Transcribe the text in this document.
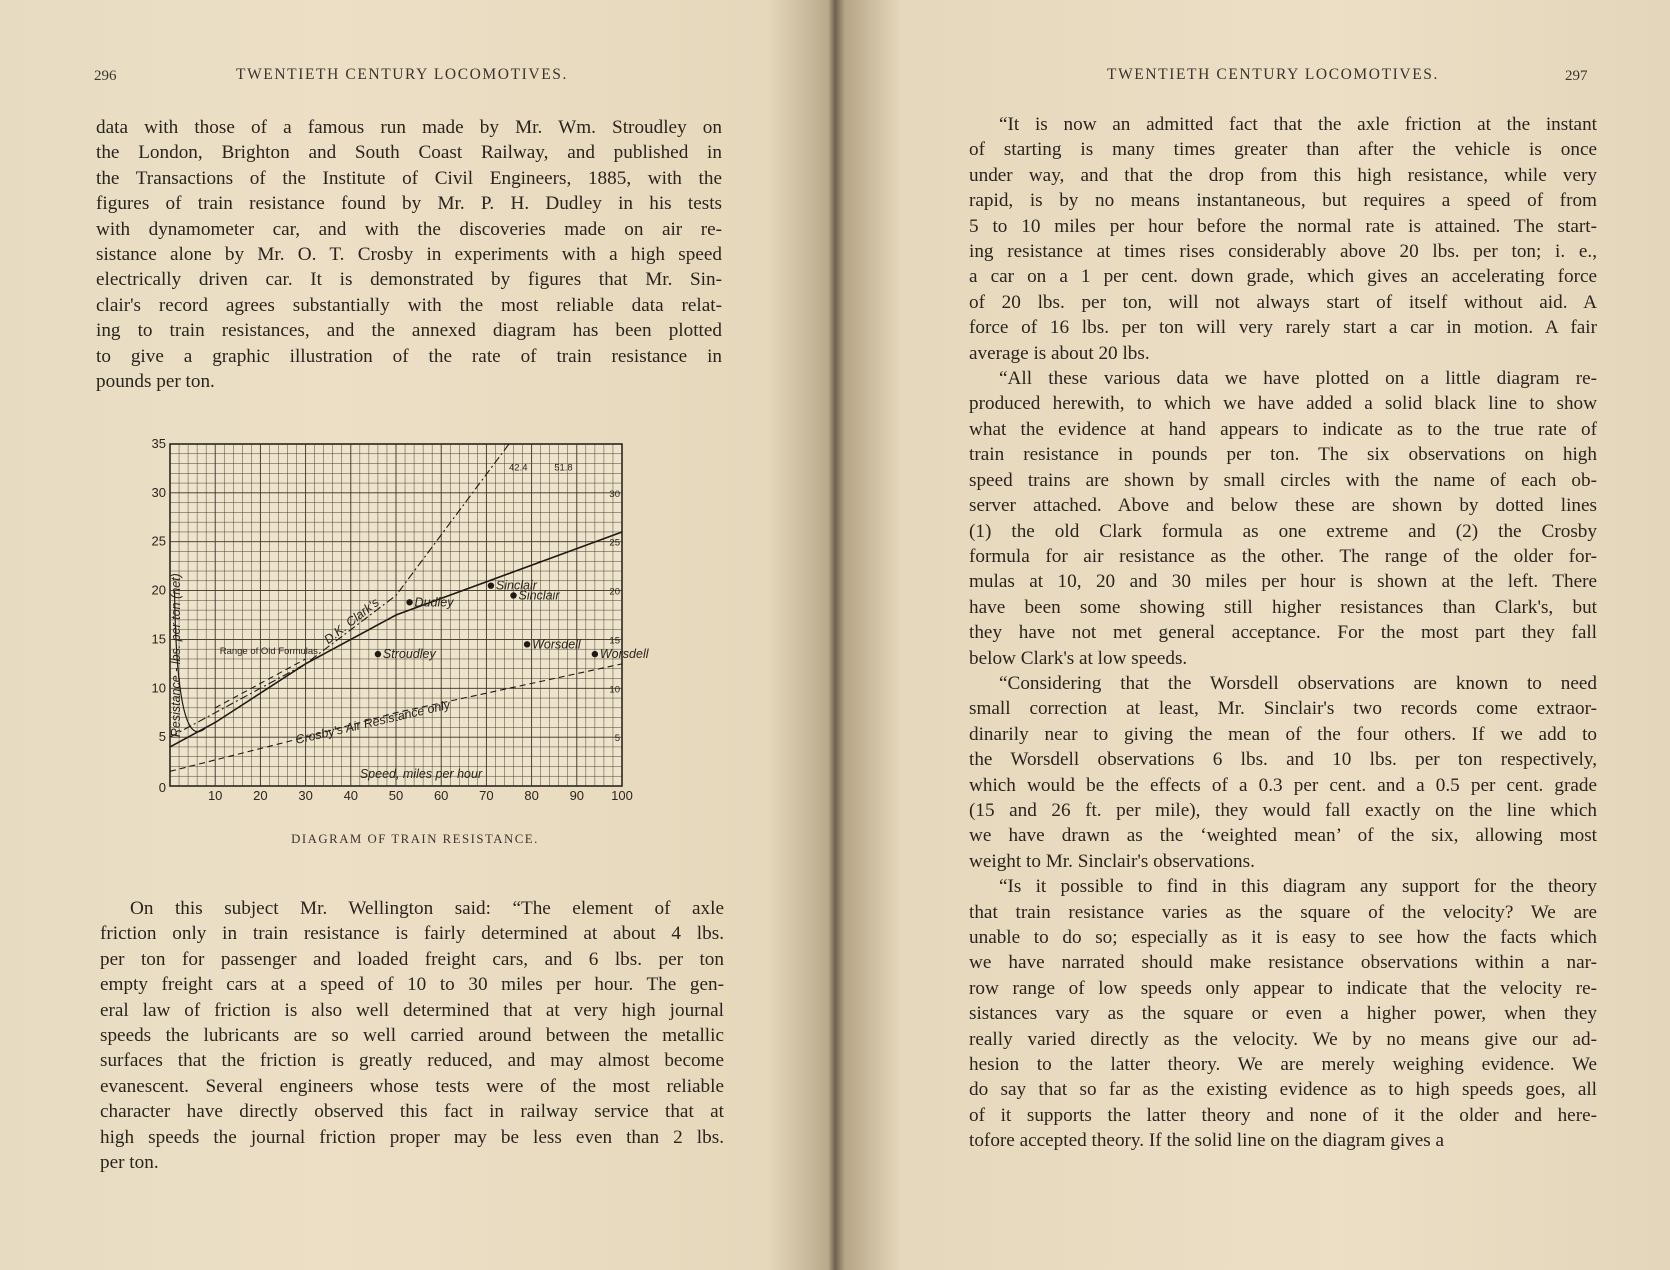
296	TWENTIETH CENTURY LOCOMOTIVES.
data with those of a famous run made by Mr. Wm. Stroudley on
the London, Brighton and South Coast Railway, and published in
the Transactions of the Institute of Civil Engineers, 1885, with the
figures of train resistance found by Mr. P. H. Dudley in his tests
with dynamometer car, and with the discoveries made on air re-
sistance alone by Mr. O. T. Crosby in experiments with a high speed
electrically driven car. It is demonstrated by figures that Mr. Sin-
clair's record agrees substantially with the most reliable data relat-
ing to train resistances, and the annexed diagram has been plotted
to give a graphic illustration of the rate of train resistance in
pounds per ton.
10 20 30 40 50 60 70 80 90 100
0
5
10
15
20
25
30
35
5
10
15
20
25
30
Dudley	Sinclair
Sinclair
Stroudley
Worsdell
Worsdell
Resistance - lbs. per ton (net)
Speed, miles per hour
D.K. Clark's
Crosby's Air Resistance only
Range of Old Formulas
42.4	51.8
DIAGRAM OF TRAIN RESISTANCE.
On this subject Mr. Wellington said: “The element of axle
friction only in train resistance is fairly determined at about 4 lbs.
per ton for passenger and loaded freight cars, and 6 lbs. per ton
empty freight cars at a speed of 10 to 30 miles per hour. The gen-
eral law of friction is also well determined that at very high journal
speeds the lubricants are so well carried around between the metallic
surfaces that the friction is greatly reduced, and may almost become
evanescent. Several engineers whose tests were of the most reliable
character have directly observed this fact in railway service that at
high speeds the journal friction proper may be less even than 2 lbs.
per ton.
TWENTIETH CENTURY LOCOMOTIVES.	297
“It is now an admitted fact that the axle friction at the instant
of starting is many times greater than after the vehicle is once
under way, and that the drop from this high resistance, while very
rapid, is by no means instantaneous, but requires a speed of from
5 to 10 miles per hour before the normal rate is attained. The start-
ing resistance at times rises considerably above 20 lbs. per ton; i. e.,
a car on a 1 per cent. down grade, which gives an accelerating force
of 20 lbs. per ton, will not always start of itself without aid. A
force of 16 lbs. per ton will very rarely start a car in motion. A fair
average is about 20 lbs.
“All these various data we have plotted on a little diagram re-
produced herewith, to which we have added a solid black line to show
what the evidence at hand appears to indicate as to the true rate of
train resistance in pounds per ton. The six observations on high
speed trains are shown by small circles with the name of each ob-
server attached. Above and below these are shown by dotted lines
(1) the old Clark formula as one extreme and (2) the Crosby
formula for air resistance as the other. The range of the older for-
mulas at 10, 20 and 30 miles per hour is shown at the left. There
have been some showing still higher resistances than Clark's, but
they have not met general acceptance. For the most part they fall
below Clark's at low speeds.
“Considering that the Worsdell observations are known to need
small correction at least, Mr. Sinclair's two records come extraor-
dinarily near to giving the mean of the four others. If we add to
the Worsdell observations 6 lbs. and 10 lbs. per ton respectively,
which would be the effects of a 0.3 per cent. and a 0.5 per cent. grade
(15 and 26 ft. per mile), they would fall exactly on the line which
we have drawn as the ‘weighted mean’ of the six, allowing most
weight to Mr. Sinclair's observations.
“Is it possible to find in this diagram any support for the theory
that train resistance varies as the square of the velocity? We are
unable to do so; especially as it is easy to see how the facts which
we have narrated should make resistance observations within a nar-
row range of low speeds only appear to indicate that the velocity re-
sistances vary as the square or even a higher power, when they
really varied directly as the velocity. We by no means give our ad-
hesion to the latter theory. We are merely weighing evidence. We
do say that so far as the existing evidence as to high speeds goes, all
of it supports the latter theory and none of it the older and here-
tofore accepted theory. If the solid line on the diagram gives a
